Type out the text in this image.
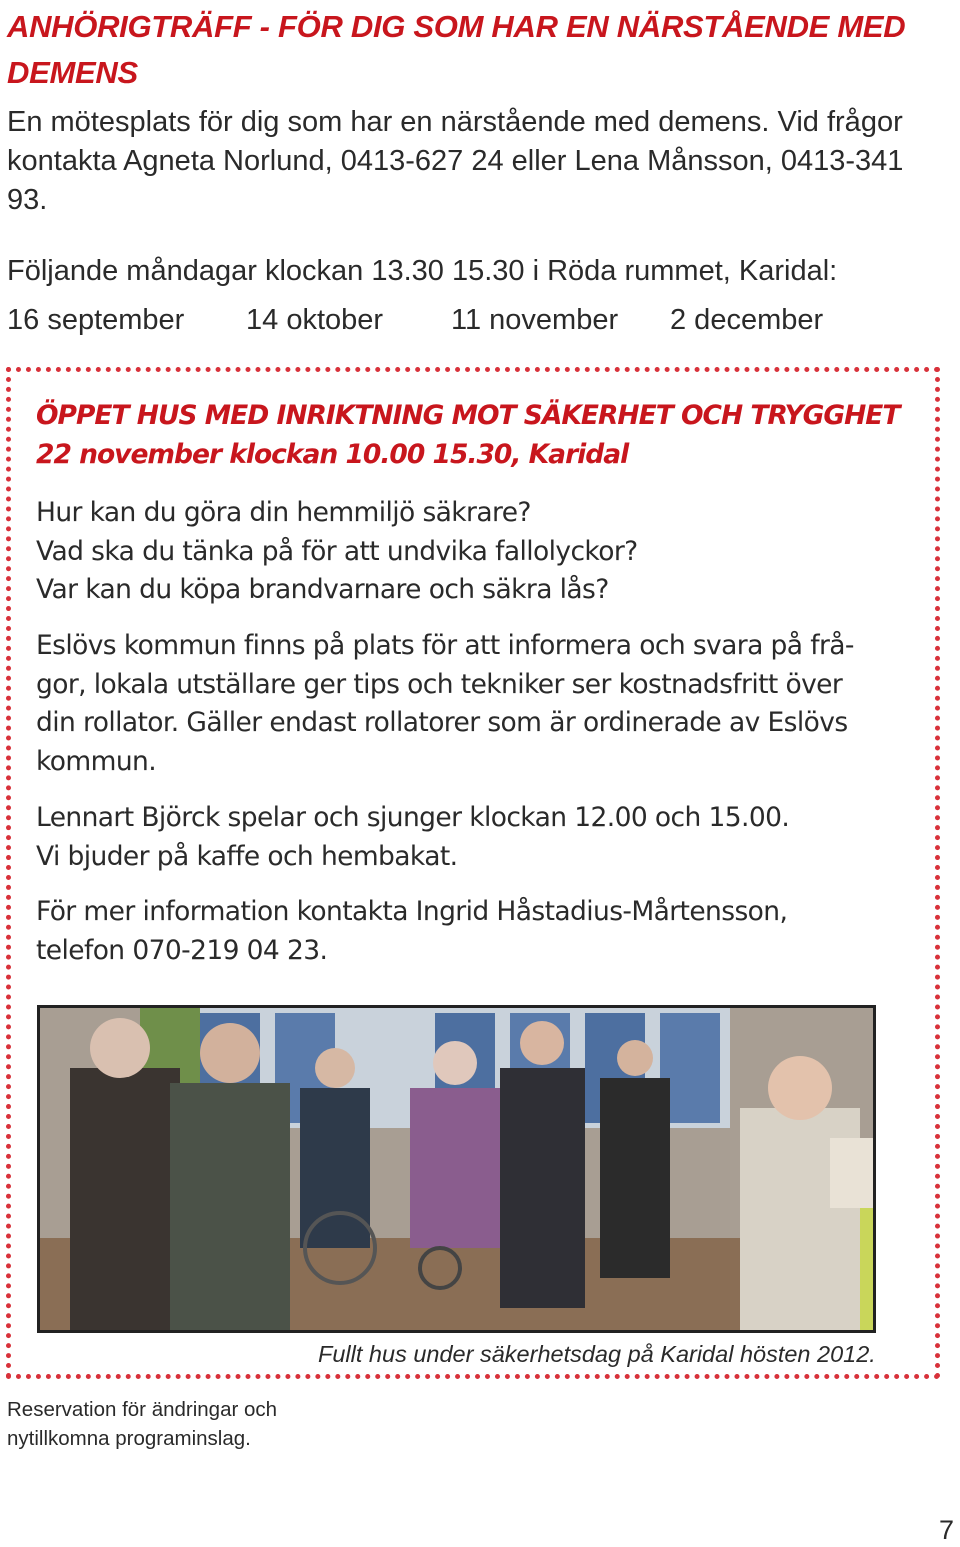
ANHÖRIGTRÄFF - FÖR DIG SOM HAR EN NÄRSTÅENDE MED DEMENS

En mötesplats för dig som har en närstående med demens. Vid frågor kontakta Agneta Norlund, 0413-627 24 eller Lena Månsson, 0413-341 93.

Följande måndagar klockan 13.30 15.30 i Röda rummet, Karidal:

16 september 14 oktober 11 november 2 december
ÖPPET HUS MED INRIKTNING MOT SÄKERHET OCH TRYGGHET
22 november klockan 10.00 15.30, Karidal
Hur kan du göra din hemmiljö säkrare?
Vad ska du tänka på för att undvika fallolyckor?
Var kan du köpa brandvarnare och säkra lås?
Eslövs kommun finns på plats för att informera och svara på frå-
gor, lokala utställare ger tips och tekniker ser kostnadsfritt över
din rollator. Gäller endast rollatorer som är ordinerade av Eslövs
kommun.
Lennart Björck spelar och sjunger klockan 12.00 och 15.00.
Vi bjuder på kaffe och hembakat.
För mer information kontakta Ingrid Håstadius-Mårtensson,
telefon 070-219 04 23.

Fullt hus under säkerhetsdag på Karidal hösten 2012.

Reservation för ändringar och
nytillkomna programinslag.

7
